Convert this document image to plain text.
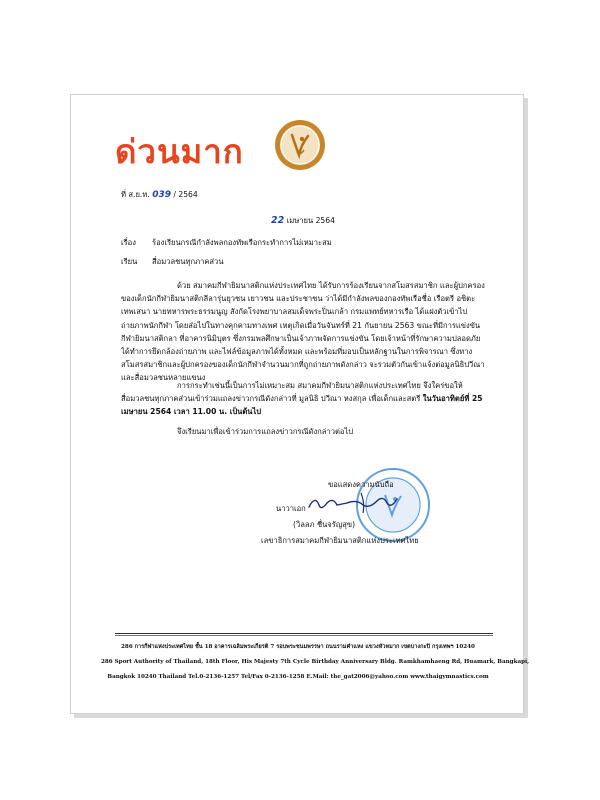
ด่วนมาก
ที่ ส.ย.ท. 039 / 2564
22 เมษายน 2564
เรื่อง ร้องเรียนกรณีกำลังพลกองทัพเรือกระทำการไม่เหมาะสม
เรียน สื่อมวลชนทุกภาคส่วน
ด้วย สมาคมกีฬายิมนาสติกแห่งประเทศไทย ได้รับการร้องเรียนจากสโมสรสมาชิก และผู้ปกครอง
ของเด็กนักกีฬายิมนาสติกลีลารุ่นยุวชน เยาวชน และประชาชน ว่าได้มีกำลังพลของกองทัพเรือชื่อ เรือตรี อชิตะ
เทพเสนา นายทหารพระธรรมนูญ สังกัดโรงพยาบาลสมเด็จพระปิ่นเกล้า กรมแพทย์ทหารเรือ ได้แฝงตัวเข้าไป
ถ่ายภาพนักกีฬา โดยส่อไปในทางคุกคามทางเพศ เหตุเกิดเมื่อวันจันทร์ที่ 21 กันยายน 2563 ขณะที่มีการแข่งขัน
กีฬายิมนาสติกลา ที่อาคารนิมิบุตร ซึ่งกรมพลศึกษาเป็นเจ้าภาพจัดการแข่งขัน โดยเจ้าหน้าที่รักษาความปลอดภัย
ได้ทำการยึดกล้องถ่ายภาพ และไฟล์ข้อมูลภาพได้ทั้งหมด และพร้อมที่มอบเป็นหลักฐานในการพิจารณา ซึ่งทาง
สโมสรสมาชิกและผู้ปกครองของเด็กนักกีฬาจำนวนมากที่ถูกถ่ายภาพดังกล่าว จะรวมตัวกันเข้าแจ้งต่อมูลนิธิปวีณา
และสื่อมวลชนหลายแขนง
การกระทำเช่นนี้เป็นการไม่เหมาะสม สมาคมกีฬายิมนาสติกแห่งประเทศไทย จึงใคร่ขอให้
สื่อมวลชนทุกภาคส่วนเข้าร่วมแถลงข่าวกรณีดังกล่าวที่ มูลนิธิ ปวีณา หงสกุล เพื่อเด็กและสตรี ในวันอาทิตย์ที่ 25
เมษายน 2564 เวลา 11.00 น. เป็นต้นไป
จึงเรียนมาเพื่อเข้าร่วมการแถลงข่าวกรณีดังกล่าวต่อไป
ขอแสดงความนับถือ
นาวาเอก
(วิลลภ ชื่นจรัญสุข)
เลขาธิการสมาคมกีฬายิมนาสติกแห่งประเทศไทย
286 การกีฬาแห่งประเทศไทย ชั้น 18 อาคารเฉลิมพระเกียรติ 7 รอบพระชนมพรรษา ถนนรามคำแหง แขวงหัวหมาก เขตบางกะปิ กรุงเทพฯ 10240
286 Sport Authority of Thailand, 18th Floor, His Majesty 7th Cycle Birthday Anniversary Bldg. Ramkhamhaeng Rd, Huamark, Bangkapi,
Bangkok 10240 Thailand Tel.0-2136-1257 Tel/Fax 0-2136-1258 E.Mail: the_gat2006@yahoo.com www.thaigymnastics.com
